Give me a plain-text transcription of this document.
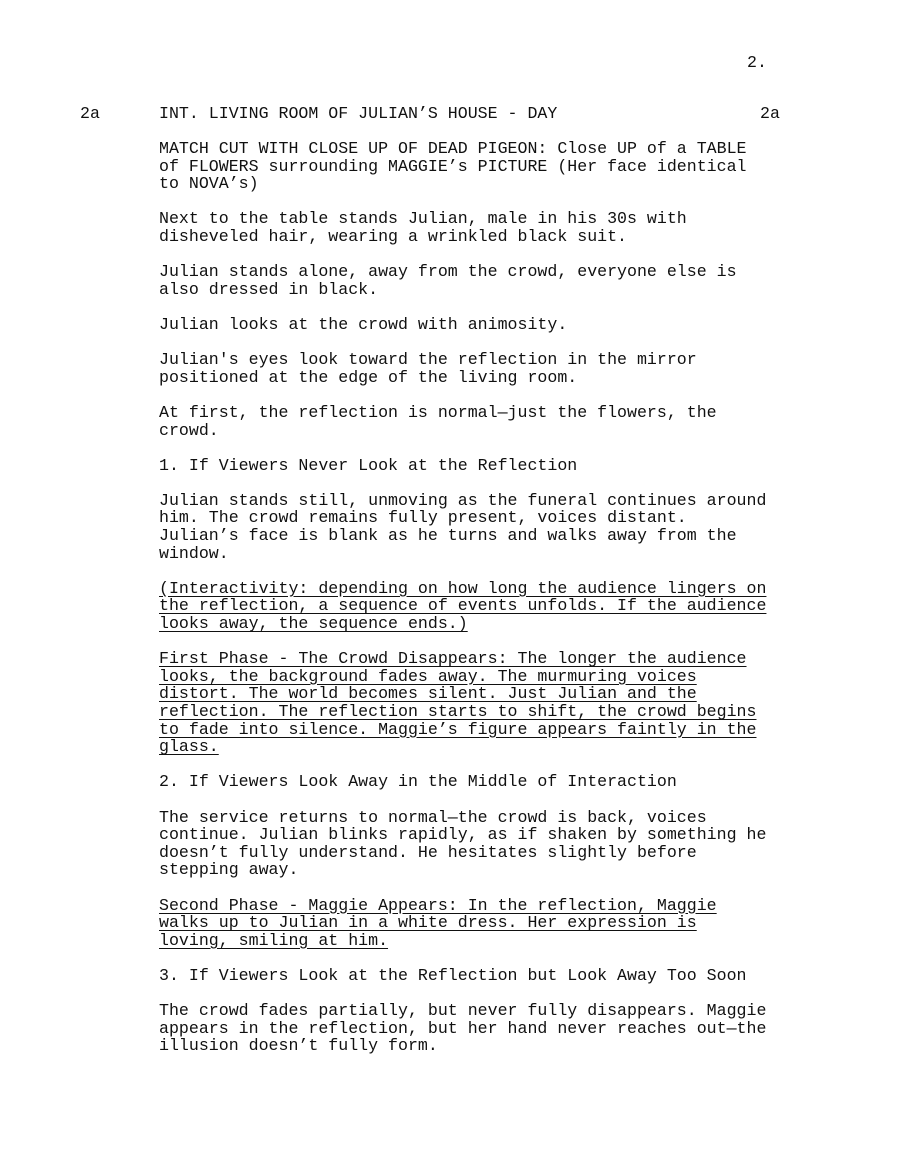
2.
2a	INT. LIVING ROOM OF JULIAN’S HOUSE - DAY	2a

MATCH CUT WITH CLOSE UP OF DEAD PIGEON: Close UP of a TABLE
of FLOWERS surrounding MAGGIE’s PICTURE (Her face identical
to NOVA’s)

Next to the table stands Julian, male in his 30s with
disheveled hair, wearing a wrinkled black suit.

Julian stands alone, away from the crowd, everyone else is
also dressed in black.

Julian looks at the crowd with animosity.

Julian's eyes look toward the reflection in the mirror
positioned at the edge of the living room.

At first, the reflection is normal—just the flowers, the
crowd.

1. If Viewers Never Look at the Reflection

Julian stands still, unmoving as the funeral continues around
him. The crowd remains fully present, voices distant.
Julian’s face is blank as he turns and walks away from the
window.

(Interactivity: depending on how long the audience lingers on
the reflection, a sequence of events unfolds. If the audience
looks away, the sequence ends.)

First Phase - The Crowd Disappears: The longer the audience
looks, the background fades away. The murmuring voices
distort. The world becomes silent. Just Julian and the
reflection. The reflection starts to shift, the crowd begins
to fade into silence. Maggie’s figure appears faintly in the
glass.

2. If Viewers Look Away in the Middle of Interaction

The service returns to normal—the crowd is back, voices
continue. Julian blinks rapidly, as if shaken by something he
doesn’t fully understand. He hesitates slightly before
stepping away.

Second Phase - Maggie Appears: In the reflection, Maggie
walks up to Julian in a white dress. Her expression is
loving, smiling at him.

3. If Viewers Look at the Reflection but Look Away Too Soon

The crowd fades partially, but never fully disappears. Maggie
appears in the reflection, but her hand never reaches out—the
illusion doesn’t fully form.
